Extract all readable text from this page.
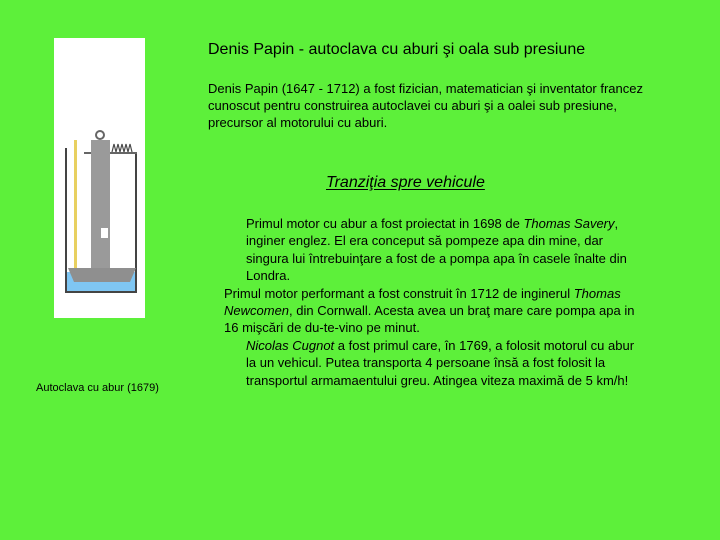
Denis Papin - autoclava cu aburi şi oala sub presiune
Denis Papin (1647 - 1712) a fost fizician, matematician şi inventator francez cunoscut pentru construirea autoclavei cu aburi şi a oalei sub presiune, precursor al motorului cu aburi.
Autoclava cu abur (1679)
Tranziţia spre vehicule
Primul motor cu abur a fost proiectat in 1698 de Thomas Savery, inginer englez. El era conceput să pompeze apa din mine, dar singura lui întrebuinţare a fost de a pompa apa în casele înalte din Londra.
Primul motor performant a fost construit în 1712 de inginerul Thomas Newcomen, din Cornwall. Acesta avea un braţ mare care pompa apa in 16 mişcări de du-te-vino pe minut.
Nicolas Cugnot a fost primul care, în 1769, a folosit motorul cu abur la un vehicul. Putea transporta 4 persoane însă a fost folosit la transportul armamaentului greu. Atingea viteza maximă de 5 km/h!
